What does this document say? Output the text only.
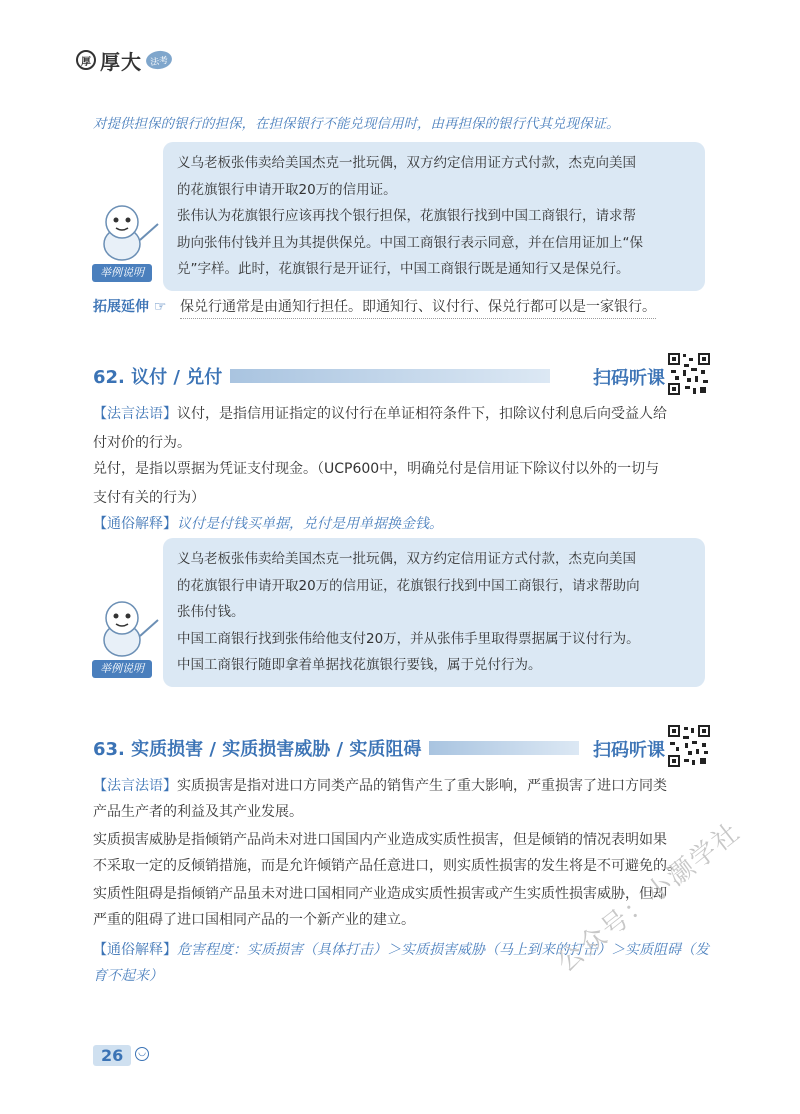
厚 厚大 法考
对提供担保的银行的担保，在担保银行不能兑现信用时，由再担保的银行代其兑现保证。
举例说明

义乌老板张伟卖给美国杰克一批玩偶，双方约定信用证方式付款，杰克向美国

的花旗银行申请开取20万的信用证。

张伟认为花旗银行应该再找个银行担保，花旗银行找到中国工商银行，请求帮

助向张伟付钱并且为其提供保兑。中国工商银行表示同意，并在信用证加上“保

兑”字样。此时，花旗银行是开证行，中国工商银行既是通知行又是保兑行。

拓展延伸 ☞ 保兑行通常是由通知行担任。即通知行、议付行、保兑行都可以是一家银行。
62. 议付 / 兑付	扫码听课
【法言法语】议付，是指信用证指定的议付行在单证相符条件下，扣除议付利息后向受益人给
付对价的行为。
兑付，是指以票据为凭证支付现金。（UCP600中，明确兑付是信用证下除议付以外的一切与
支付有关的行为）
【通俗解释】议付是付钱买单据，兑付是用单据换金钱。
举例说明

义乌老板张伟卖给美国杰克一批玩偶，双方约定信用证方式付款，杰克向美国

的花旗银行申请开取20万的信用证，花旗银行找到中国工商银行，请求帮助向

张伟付钱。

中国工商银行找到张伟给他支付20万，并从张伟手里取得票据属于议付行为。

中国工商银行随即拿着单据找花旗银行要钱，属于兑付行为。

63. 实质损害 / 实质损害威胁 / 实质阻碍	扫码听课
【法言法语】实质损害是指对进口方同类产品的销售产生了重大影响，严重损害了进口方同类
产品生产者的利益及其产业发展。
实质损害威胁是指倾销产品尚未对进口国国内产业造成实质性损害，但是倾销的情况表明如果
不采取一定的反倾销措施，而是允许倾销产品任意进口，则实质性损害的发生将是不可避免的。
实质性阻碍是指倾销产品虽未对进口国相同产业造成实质性损害或产生实质性损害威胁，但却
严重的阻碍了进口国相同产品的一个新产业的建立。
【通俗解释】危害程度：实质损害（具体打击）＞实质损害威胁（马上到来的打击）＞实质阻碍（发
育不起来）	公众号：小灏学社
26	◡
